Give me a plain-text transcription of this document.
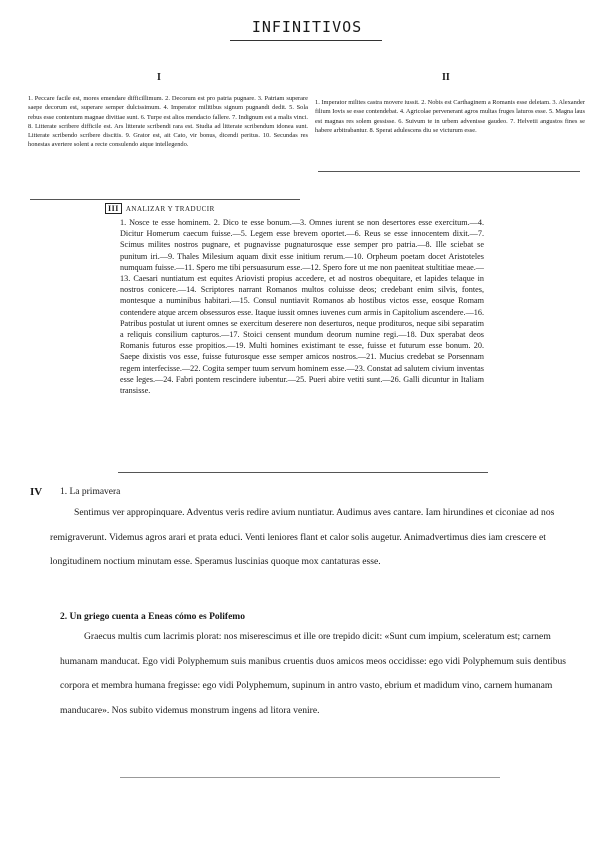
INFINITIVOS
I	II
1. Peccare facile est, mores emendare difficillimum. 2. Decorum est pro patria pugnare. 3. Patriam superare saepe decorum est, superare semper dulcissimum. 4. Imperator militibus signum pugnandi dedit. 5. Sola rebus esse contentum magnae divitiae sunt. 6. Turpe est alios mendacio fallere. 7. Indignum est a malis vinci. 8. Litterate scribere difficile est. Ars litterate scribendi rara est. Studia ad litterate scribendum idonea sunt. Litterate scribendo scribere discitis. 9. Grator est, ait Cato, vir bonus, dicendi peritus. 10. Secundas res honestas avertere solent a recte consulendo atque intellegendo.
1. Imperator milites castra movere iussit. 2. Nobis est Carthaginem a Romanis esse deletam. 3. Alexander filium Iovis se esse contendebat. 4. Agricolae pervenerant agros multas fruges laturos esse. 5. Magna laus est magnas res solem gessisse. 6. Suivum te in urbem advenisse gaudeo. 7. Helvetii angustos fines se habere arbitrabantur. 8. Sperat adulescens diu se victurum esse.
III	ANALIZAR Y TRADUCIR
1. Nosce te esse hominem. 2. Dico te esse bonum.—3. Omnes iurent se non desertores esse exercitum.—4. Dicitur Homerum caecum fuisse.—5. Legem esse brevem oportet.—6. Reus se esse innocentem dixit.—7. Scimus milites nostros pugnare, et pugnavisse pugnaturosque esse semper pro patria.—8. Ille sciebat se punitum iri.—9. Thales Milesium aquam dixit esse initium rerum.—10. Orpheum poetam docet Aristoteles numquam fuisse.—11. Spero me tibi persuasurum esse.—12. Spero fore ut me non paeniteat stultitiae meae.—13. Caesari nuntiatum est equites Ariovisti propius accedere, et ad nostros obequitare, et lapides telaque in nostros conicere.—14. Scriptores narrant Romanos multos coluisse deos; credebant enim silvis, fontes, montesque a numinibus habitari.—15. Consul nuntiavit Romanos ab hostibus victos esse, eosque Romam contendere atque arcem obsessuros esse. Itaque iussit omnes iuvenes cum armis in Capitolium ascendere.—16. Patribus postulat ut iurent omnes se exercitum deserere non deserturos, neque prodituros, neque sibi separatim a reliquis consilium capturos.—17. Stoici censent mundum deorum numine regi.—18. Dux sperabat deos Romanis futuros esse propitios.—19. Multi homines existimant te esse, fuisse et futurum esse bonum. 20. Saepe dixistis vos esse, fuisse futurosque esse semper amicos nostros.—21. Mucius credebat se Porsennam regem interfecisse.—22. Cogita semper tuum servum hominem esse.—23. Constat ad salutem civium inventas esse leges.—24. Fabri pontem rescindere iubentur.—25. Pueri abire vetiti sunt.—26. Galli dicuntur in Italiam transisse.
IV 1. La primavera
Sentimus ver appropinquare. Adventus veris redire avium nuntiatur. Audimus aves cantare. Iam hirundines et ciconiae ad nos remigraverunt. Videmus agros arari et prata educi. Venti leniores flant et calor solis augetur. Animadvertimus dies iam crescere et longitudinem noctium minutam esse. Speramus luscinias quoque mox cantaturas esse.
2. Un griego cuenta a Eneas cómo es Polifemo
Graecus multis cum lacrimis plorat: nos miserescimus et ille ore trepido dicit: «Sunt cum impium, sceleratum est; carnem humanam manducat. Ego vidi Polyphemum suis manibus cruentis duos amicos meos occidisse: ego vidi Polyphemum suis dentibus corpora et membra humana fregisse: ego vidi Polyphemum, supinum in antro vasto, ebrium et madidum vino, carnem humanam manducare». Nos subito videmus monstrum ingens ad litora venire.
